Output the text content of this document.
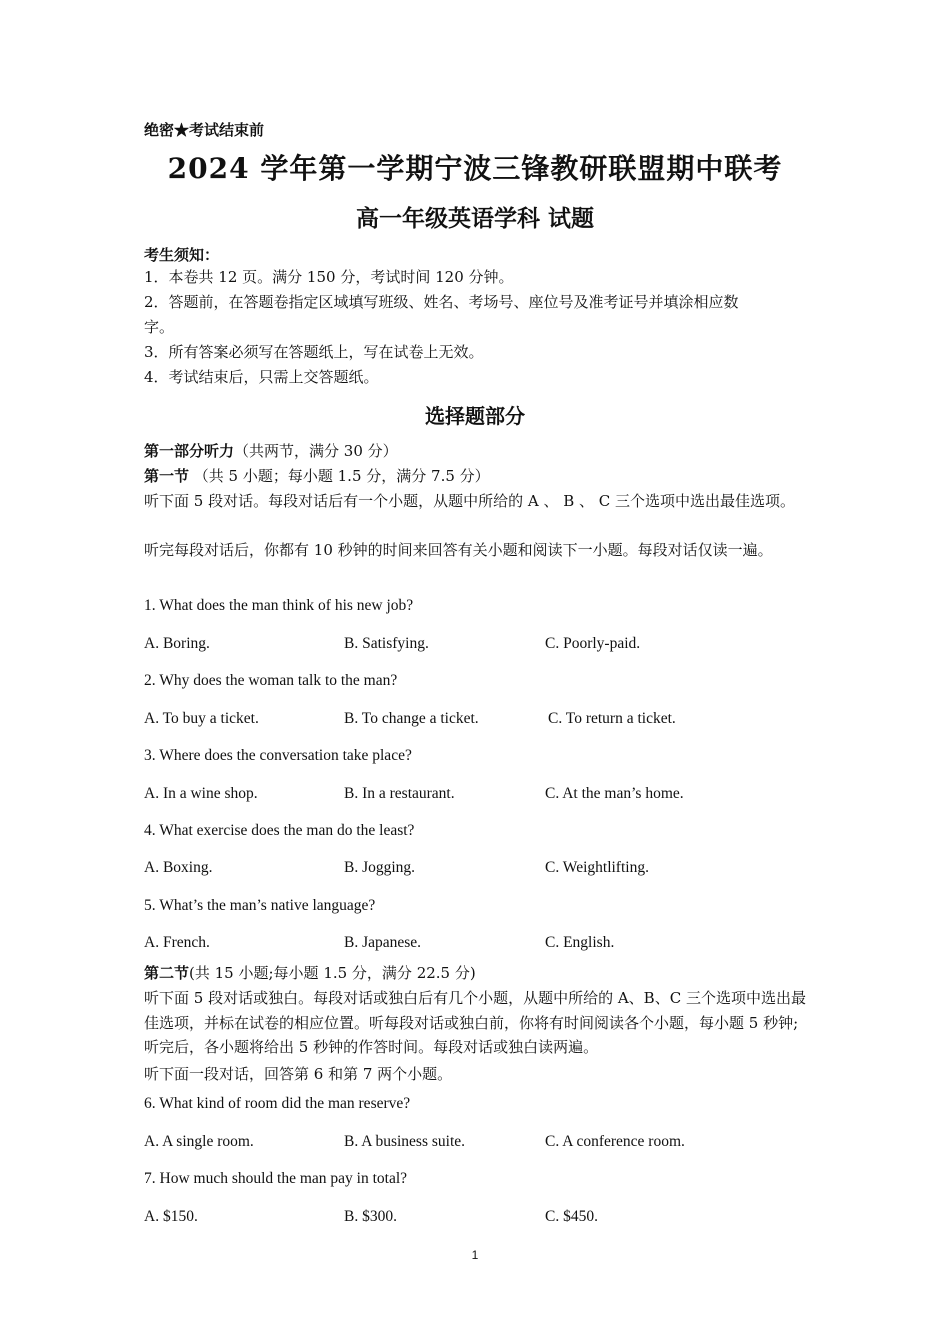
绝密★考试结束前
2024 学年第一学期宁波三锋教研联盟期中联考
高一年级英语学科 试题
考生须知：
1．本卷共 12 页。满分 150 分，考试时间 120 分钟。
2．答题前，在答题卷指定区域填写班级、姓名、考场号、座位号及准考证号并填涂相应数
字。
3．所有答案必须写在答题纸上，写在试卷上无效。
4．考试结束后，只需上交答题纸。
选择题部分
第一部分听力（共两节，满分 30 分）
第一节 （共 5 小题；每小题 1.5 分，满分 7.5 分）
听下面 5 段对话。每段对话后有一个小题，从题中所给的 A 、 B 、 C 三个选项中选出最佳选项。
听完每段对话后，你都有 10 秒钟的时间来回答有关小题和阅读下一小题。每段对话仅读一遍。
1. What does the man think of his new job?
A. Boring.	B. Satisfying.	C. Poorly-paid.
2. Why does the woman talk to the man?
A. To buy a ticket.	B. To change a ticket.	C. To return a ticket.
3. Where does the conversation take place?
A. In a wine shop.	B. In a restaurant.	C. At the man’s home.
4. What exercise does the man do the least?
A. Boxing.	B. Jogging.	C. Weightlifting.
5. What’s the man’s native language?
A. French.	B. Japanese.	C. English.
第二节(共 15 小题;每小题 1.5 分，满分 22.5 分)
听下面 5 段对话或独白。每段对话或独白后有几个小题，从题中所给的 A、B、C 三个选项中选出最佳选项，并标在试卷的相应位置。听每段对话或独白前，你将有时间阅读各个小题，每小题 5 秒钟;听完后，各小题将给出 5 秒钟的作答时间。每段对话或独白读两遍。
听下面一段对话，回答第 6 和第 7 两个小题。
6. What kind of room did the man reserve?
A. A single room.	B. A business suite.	C. A conference room.
7. How much should the man pay in total?
A. $150.	B. $300.	C. $450.
1
